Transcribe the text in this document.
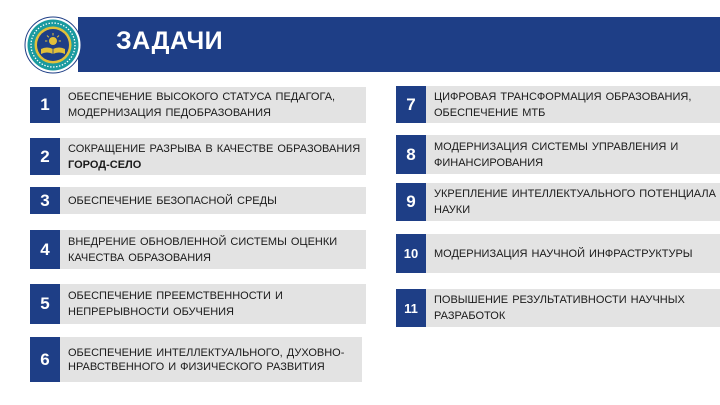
ЗАДАЧИ
1	ОБЕСПЕЧЕНИЕ ВЫСОКОГО СТАТУСА ПЕДАГОГА, МОДЕРНИЗАЦИЯ ПЕДОБРАЗОВАНИЯ
2	СОКРАЩЕНИЕ РАЗРЫВА В КАЧЕСТВЕ ОБРАЗОВАНИЯ ГОРОД-СЕЛО
3	ОБЕСПЕЧЕНИЕ БЕЗОПАСНОЙ СРЕДЫ
4	ВНЕДРЕНИЕ ОБНОВЛЕННОЙ СИСТЕМЫ ОЦЕНКИ КАЧЕСТВА ОБРАЗОВАНИЯ
5	ОБЕСПЕЧЕНИЕ ПРЕЕМСТВЕННОСТИ И НЕПРЕРЫВНОСТИ ОБУЧЕНИЯ
6	ОБЕСПЕЧЕНИЕ ИНТЕЛЛЕКТУАЛЬНОГО, ДУХОВНО-НРАВСТВЕННОГО И ФИЗИЧЕСКОГО РАЗВИТИЯ
7	ЦИФРОВАЯ ТРАНСФОРМАЦИЯ ОБРАЗОВАНИЯ, ОБЕСПЕЧЕНИЕ МТБ
8	МОДЕРНИЗАЦИЯ СИСТЕМЫ УПРАВЛЕНИЯ И ФИНАНСИРОВАНИЯ
9	УКРЕПЛЕНИЕ ИНТЕЛЛЕКТУАЛЬНОГО ПОТЕНЦИАЛА НАУКИ
10	МОДЕРНИЗАЦИЯ НАУЧНОЙ ИНФРАСТРУКТУРЫ
11
ПОВЫШЕНИЕ РЕЗУЛЬТАТИВНОСТИ НАУЧНЫХ РАЗРАБОТОК
